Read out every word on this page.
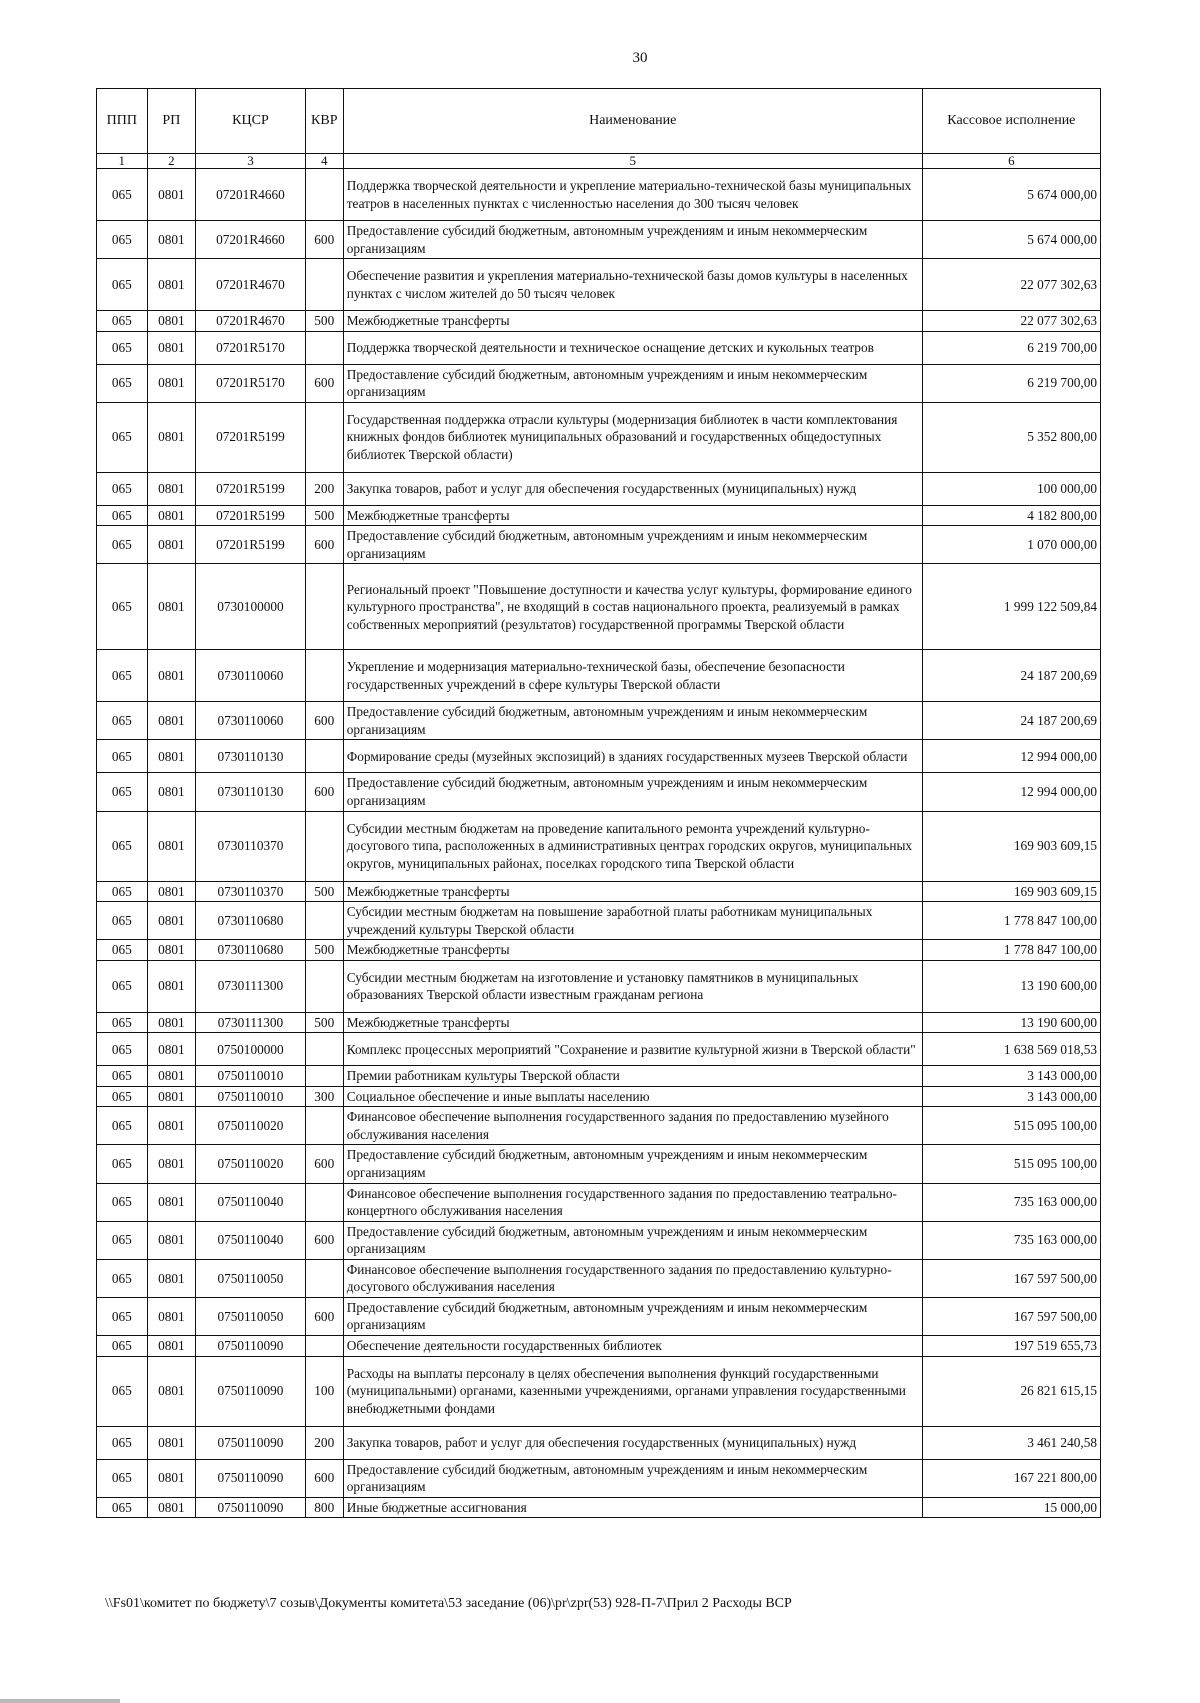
30
ППП	РП	КЦСР	КВР	Наименование	Кассовое исполнение
1	2	3	4	5	6
065	0801	07201R4660		Поддержка творческой деятельности и укрепление материально-технической базы муниципальных театров в населенных пунктах с численностью населения до 300 тысяч человек	5 674 000,00
065	0801	07201R4660	600	Предоставление субсидий бюджетным, автономным учреждениям и иным некоммерческим организациям	5 674 000,00
065	0801	07201R4670		Обеспечение развития и укрепления материально-технической базы домов культуры в населенных пунктах с числом жителей до 50 тысяч человек	22 077 302,63
065	0801	07201R4670	500	Межбюджетные трансферты	22 077 302,63
065	0801	07201R5170		Поддержка творческой деятельности и техническое оснащение детских и кукольных театров	6 219 700,00
065	0801	07201R5170	600	Предоставление субсидий бюджетным, автономным учреждениям и иным некоммерческим организациям	6 219 700,00
065	0801	07201R5199		Государственная поддержка отрасли культуры (модернизация библиотек в части комплектования книжных фондов библиотек муниципальных образований и государственных общедоступных библиотек Тверской области)	5 352 800,00
065	0801	07201R5199	200	Закупка товаров, работ и услуг для обеспечения государственных (муниципальных) нужд	100 000,00
065	0801	07201R5199	500	Межбюджетные трансферты	4 182 800,00
065	0801	07201R5199	600	Предоставление субсидий бюджетным, автономным учреждениям и иным некоммерческим организациям	1 070 000,00
065	0801	0730100000		Региональный проект "Повышение доступности и качества услуг культуры, формирование единого культурного пространства", не входящий в состав национального проекта, реализуемый в рамках собственных мероприятий (результатов) государственной программы Тверской области	1 999 122 509,84
065	0801	0730110060		Укрепление и модернизация материально-технической базы, обеспечение безопасности государственных учреждений в сфере культуры Тверской области	24 187 200,69
065	0801	0730110060	600	Предоставление субсидий бюджетным, автономным учреждениям и иным некоммерческим организациям	24 187 200,69
065	0801	0730110130		Формирование среды (музейных экспозиций) в зданиях государственных музеев Тверской области	12 994 000,00
065	0801	0730110130	600	Предоставление субсидий бюджетным, автономным учреждениям и иным некоммерческим организациям	12 994 000,00
065	0801	0730110370		Субсидии местным бюджетам на проведение капитального ремонта учреждений культурно-досугового типа, расположенных в административных центрах городских округов, муниципальных округов, муниципальных районах, поселках городского типа Тверской области	169 903 609,15
065	0801	0730110370	500	Межбюджетные трансферты	169 903 609,15
065	0801	0730110680		Субсидии местным бюджетам на повышение заработной платы работникам муниципальных учреждений культуры Тверской области	1 778 847 100,00
065	0801	0730110680	500	Межбюджетные трансферты	1 778 847 100,00
065	0801	0730111300		Субсидии местным бюджетам на изготовление и установку памятников в муниципальных образованиях Тверской области известным гражданам региона	13 190 600,00
065	0801	0730111300	500	Межбюджетные трансферты	13 190 600,00
065	0801	0750100000		Комплекс процессных мероприятий "Сохранение и развитие культурной жизни в Тверской области"	1 638 569 018,53
065	0801	0750110010		Премии работникам культуры Тверской области	3 143 000,00
065	0801	0750110010	300	Социальное обеспечение и иные выплаты населению	3 143 000,00
065	0801	0750110020		Финансовое обеспечение выполнения государственного задания по предоставлению музейного обслуживания населения	515 095 100,00
065	0801	0750110020	600	Предоставление субсидий бюджетным, автономным учреждениям и иным некоммерческим организациям	515 095 100,00
065	0801	0750110040		Финансовое обеспечение выполнения государственного задания по предоставлению театрально-концертного обслуживания населения	735 163 000,00
065	0801	0750110040	600	Предоставление субсидий бюджетным, автономным учреждениям и иным некоммерческим организациям	735 163 000,00
065	0801	0750110050		Финансовое обеспечение выполнения государственного задания по предоставлению культурно-досугового обслуживания населения	167 597 500,00
065	0801	0750110050	600	Предоставление субсидий бюджетным, автономным учреждениям и иным некоммерческим организациям	167 597 500,00
065	0801	0750110090		Обеспечение деятельности государственных библиотек	197 519 655,73
065	0801	0750110090	100	Расходы на выплаты персоналу в целях обеспечения выполнения функций государственными (муниципальными) органами, казенными учреждениями, органами управления государственными внебюджетными фондами	26 821 615,15
065	0801	0750110090	200	Закупка товаров, работ и услуг для обеспечения государственных (муниципальных) нужд	3 461 240,58
065	0801	0750110090	600	Предоставление субсидий бюджетным, автономным учреждениям и иным некоммерческим организациям	167 221 800,00
065	0801	0750110090	800	Иные бюджетные ассигнования	15 000,00
\\Fs01\комитет по бюджету\7 созыв\Документы комитета\53 заседание (06)\pr\zpr(53) 928-П-7\Прил 2 Расходы ВСР
